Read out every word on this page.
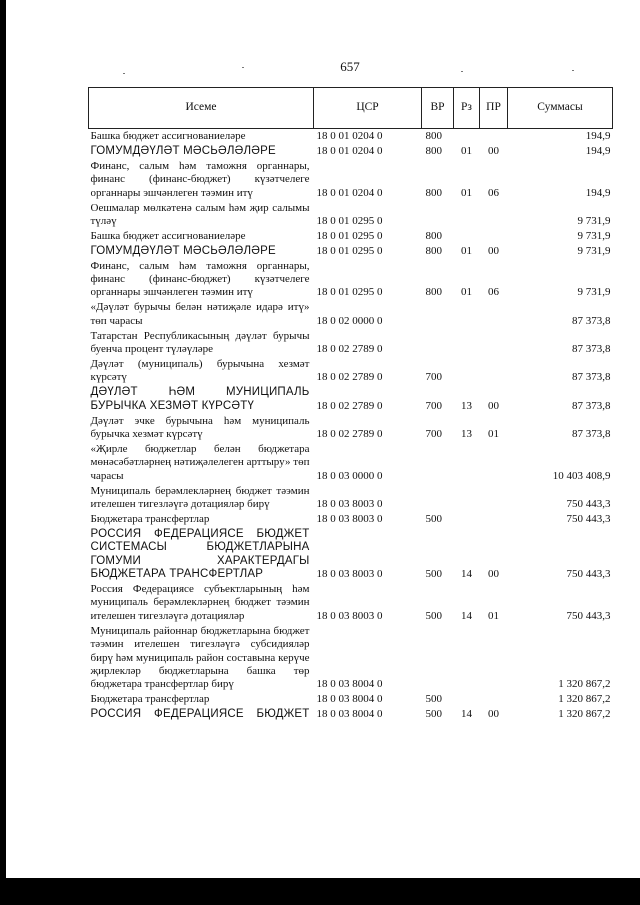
657
Исеме	ЦСР	ВР	Рз	ПР	Суммасы
Башка бюджет ассигнованиеләре	18 0 01 0204 0	800			194,9
ГОМУМДӘҮЛӘТ МӘСЬӘЛӘЛӘРЕ	18 0 01 0204 0	800	01	00	194,9
Финанс, салым һәм таможня органнары, финанс (финанс-бюджет) күзәтчелеге органнары эшчәнлеген тәэмин итү	18 0 01 0204 0	800	01	06	194,9
Оешмалар мөлкәтенә салым һәм җир салымы түләү	18 0 01 0295 0				9 731,9
Башка бюджет ассигнованиеләре	18 0 01 0295 0	800			9 731,9
ГОМУМДӘҮЛӘТ МӘСЬӘЛӘЛӘРЕ	18 0 01 0295 0	800	01	00	9 731,9
Финанс, салым һәм таможня органнары, финанс (финанс-бюджет) күзәтчелеге органнары эшчәнлеген тәэмин итү	18 0 01 0295 0	800	01	06	9 731,9
«Дәүләт бурычы белән нәтиҗәле идарә итү» төп чарасы	18 0 02 0000 0				87 373,8
Татарстан Республикасының дәүләт бурычы буенча процент түләүләре	18 0 02 2789 0				87 373,8
Дәүләт (муниципаль) бурычына хезмәт күрсәтү	18 0 02 2789 0	700			87 373,8
ДӘҮЛӘТ ҺӘМ МУНИЦИПАЛЬ БУРЫЧКА ХЕЗМӘТ КҮРСӘТҮ	18 0 02 2789 0	700	13	00	87 373,8
Дәүләт эчке бурычына һәм муниципаль бурычка хезмәт күрсәтү	18 0 02 2789 0	700	13	01	87 373,8
«Җирле бюджетлар белән бюджетара мөнәсәбәтләрнең нәтиҗәлелеген арттыру» төп чарасы	18 0 03 0000 0				10 403 408,9
Муниципаль берәмлекләрнең бюджет тәэмин ителешен тигезләүгә дотацияләр бирү	18 0 03 8003 0				750 443,3
Бюджетара трансфертлар	18 0 03 8003 0	500			750 443,3
РОССИЯ ФЕДЕРАЦИЯСЕ БЮДЖЕТ СИСТЕМАСЫ БЮДЖЕТЛАРЫНА ГОМУМИ ХАРАКТЕРДАГЫ БЮДЖЕТАРА ТРАНСФЕРТЛАР	18 0 03 8003 0	500	14	00	750 443,3
Россия Федерациясе субъектларының һәм муниципаль берәмлекләрнең бюджет тәэмин ителешен тигезләүгә дотацияләр	18 0 03 8003 0	500	14	01	750 443,3
Муниципаль районнар бюджетларына бюджет тәэмин ителешен тигезләүгә субсидияләр бирү һәм муниципаль район составына керүче җирлекләр бюджетларына башка төр бюджетара трансфертлар бирү	18 0 03 8004 0				1 320 867,2
Бюджетара трансфертлар	18 0 03 8004 0	500			1 320 867,2
РОССИЯ ФЕДЕРАЦИЯСЕ БЮДЖЕТ	18 0 03 8004 0	500	14	00	1 320 867,2
